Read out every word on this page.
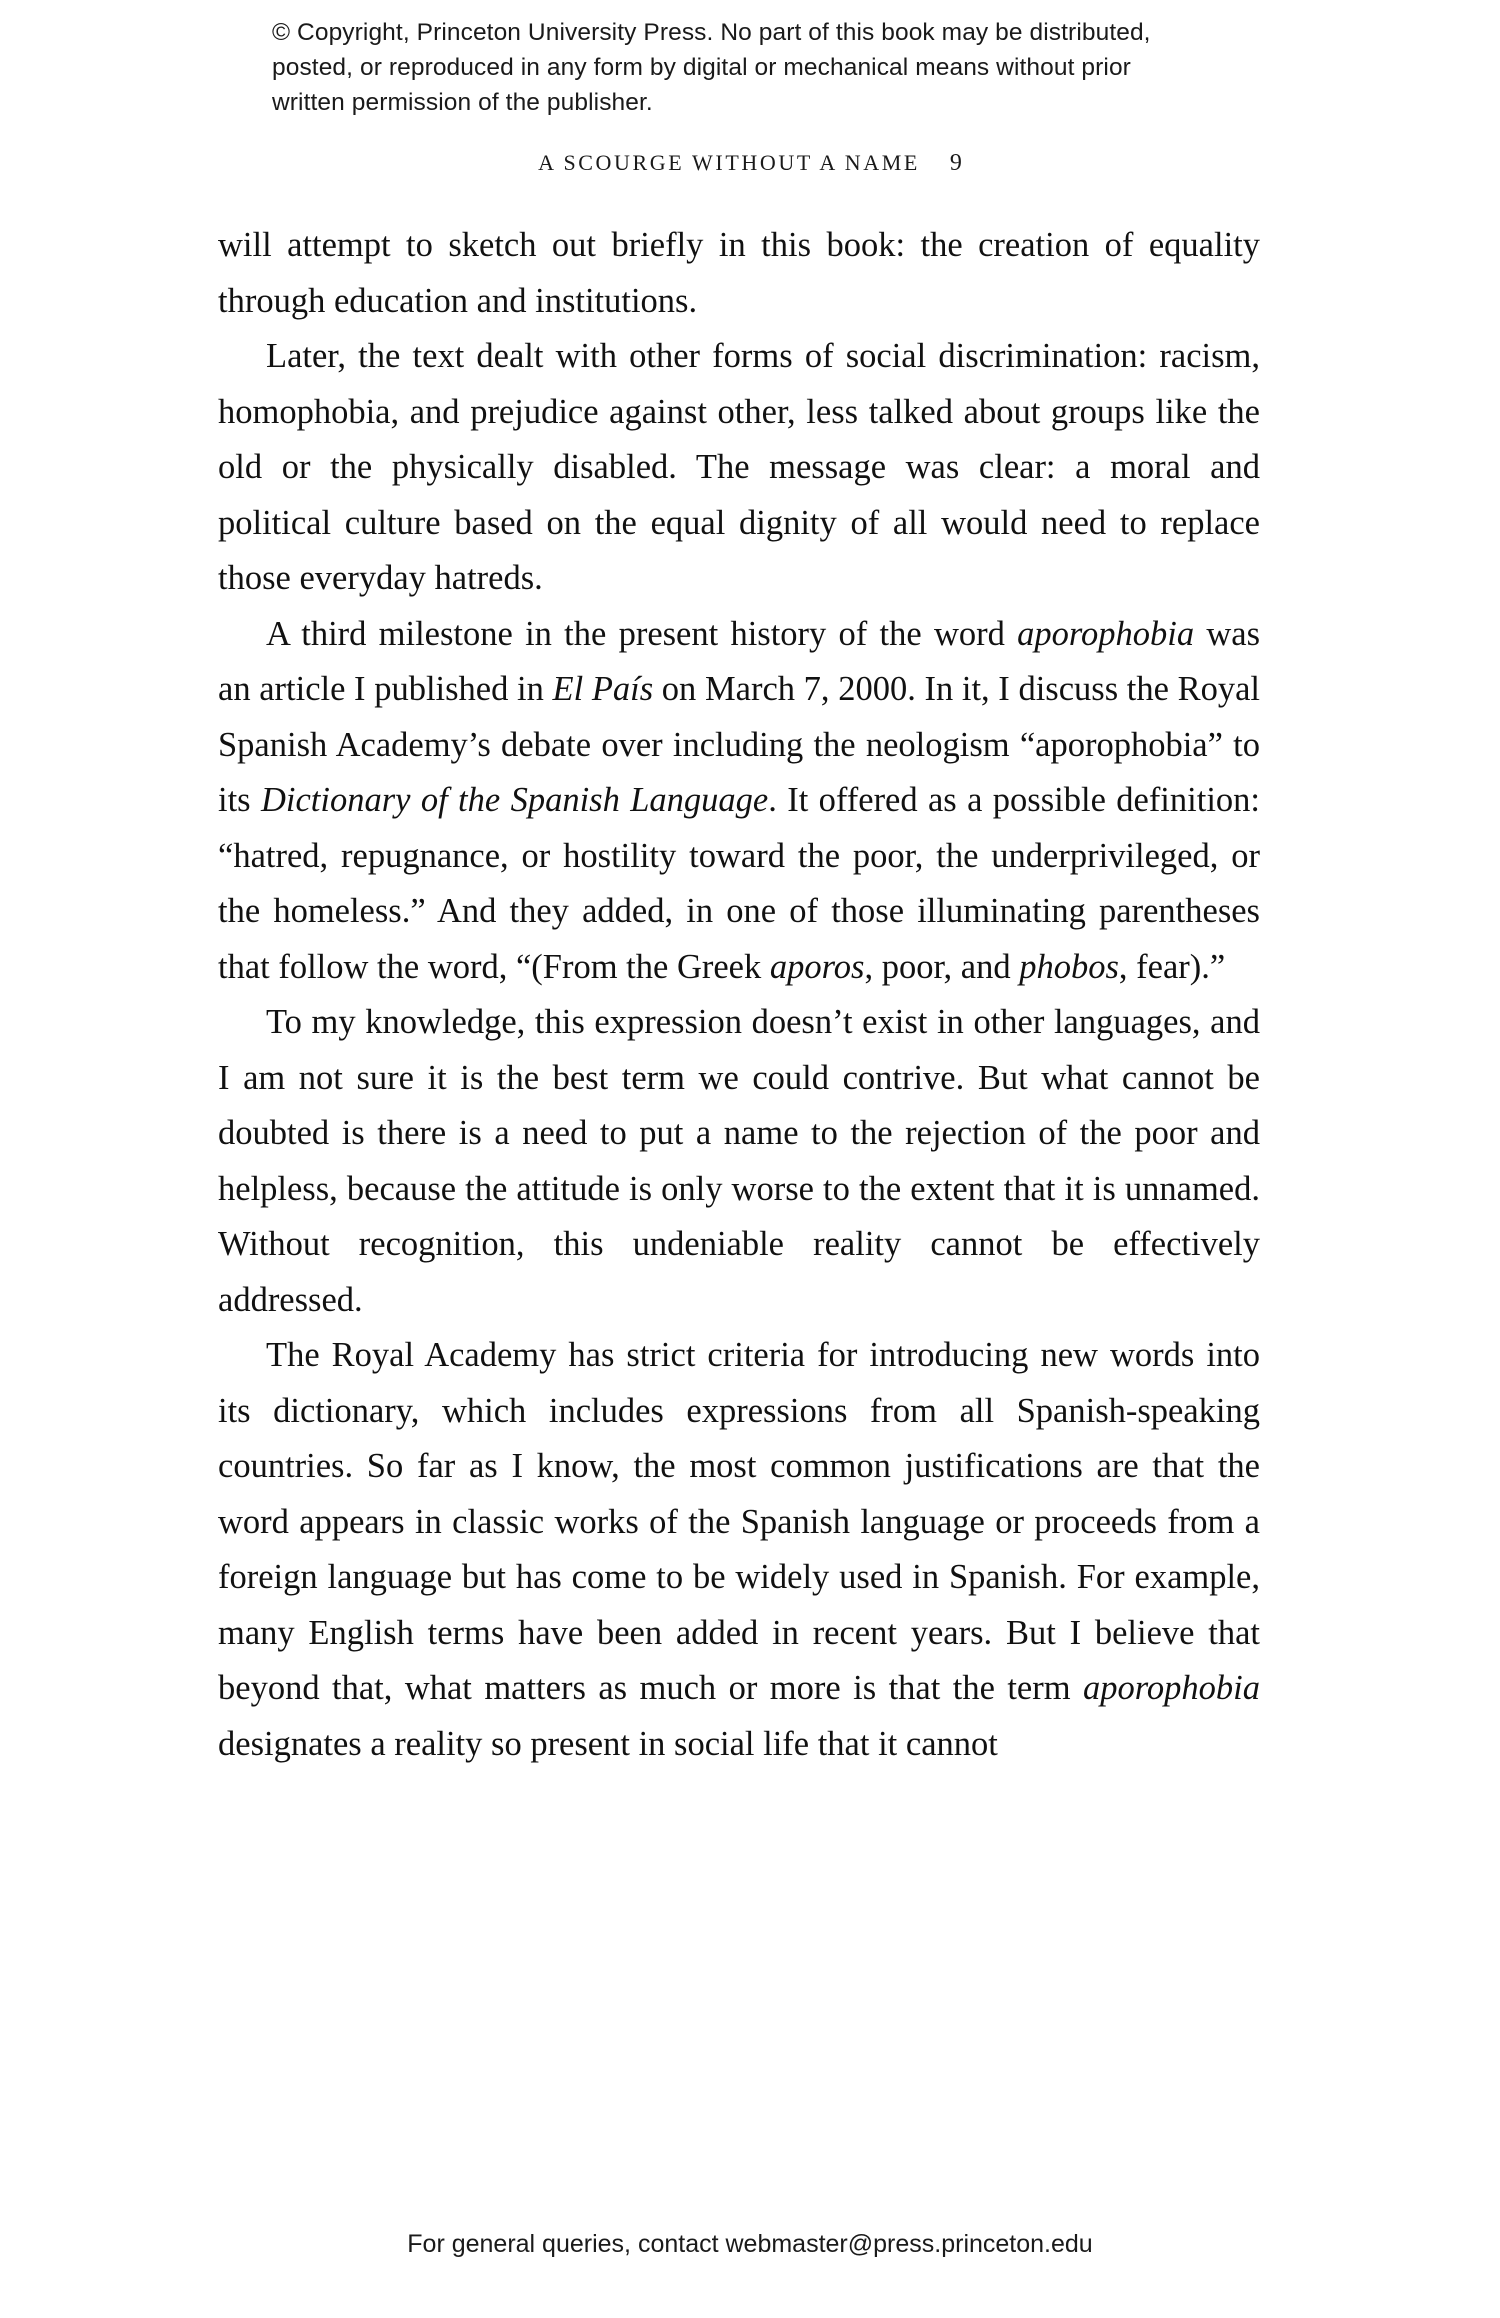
© Copyright, Princeton University Press. No part of this book may be distributed, posted, or reproduced in any form by digital or mechanical means without prior written permission of the publisher.
A SCOURGE WITHOUT A NAME 9

will attempt to sketch out briefly in this book: the creation of equality through education and institutions.

Later, the text dealt with other forms of social discrimination: racism, homophobia, and prejudice against other, less talked about groups like the old or the physically disabled. The message was clear: a moral and political culture based on the equal dignity of all would need to replace those everyday hatreds.

A third milestone in the present history of the word aporophobia was an article I published in El País on March 7, 2000. In it, I discuss the Royal Spanish Academy’s debate over including the neologism “aporophobia” to its Dictionary of the Spanish Language. It offered as a possible definition: “hatred, repugnance, or hostility toward the poor, the underprivileged, or the homeless.” And they added, in one of those illuminating parentheses that follow the word, “(From the Greek aporos, poor, and phobos, fear).”

To my knowledge, this expression doesn’t exist in other languages, and I am not sure it is the best term we could contrive. But what cannot be doubted is there is a need to put a name to the rejection of the poor and helpless, because the attitude is only worse to the extent that it is unnamed. Without recognition, this undeniable reality cannot be effectively addressed.

The Royal Academy has strict criteria for introducing new words into its dictionary, which includes expressions from all Spanish-speaking countries. So far as I know, the most common justifications are that the word appears in classic works of the Spanish language or proceeds from a foreign language but has come to be widely used in Spanish. For example, many English terms have been added in recent years. But I believe that beyond that, what matters as much or more is that the term aporophobia designates a reality so present in social life that it cannot

For general queries, contact webmaster@press.princeton.edu
